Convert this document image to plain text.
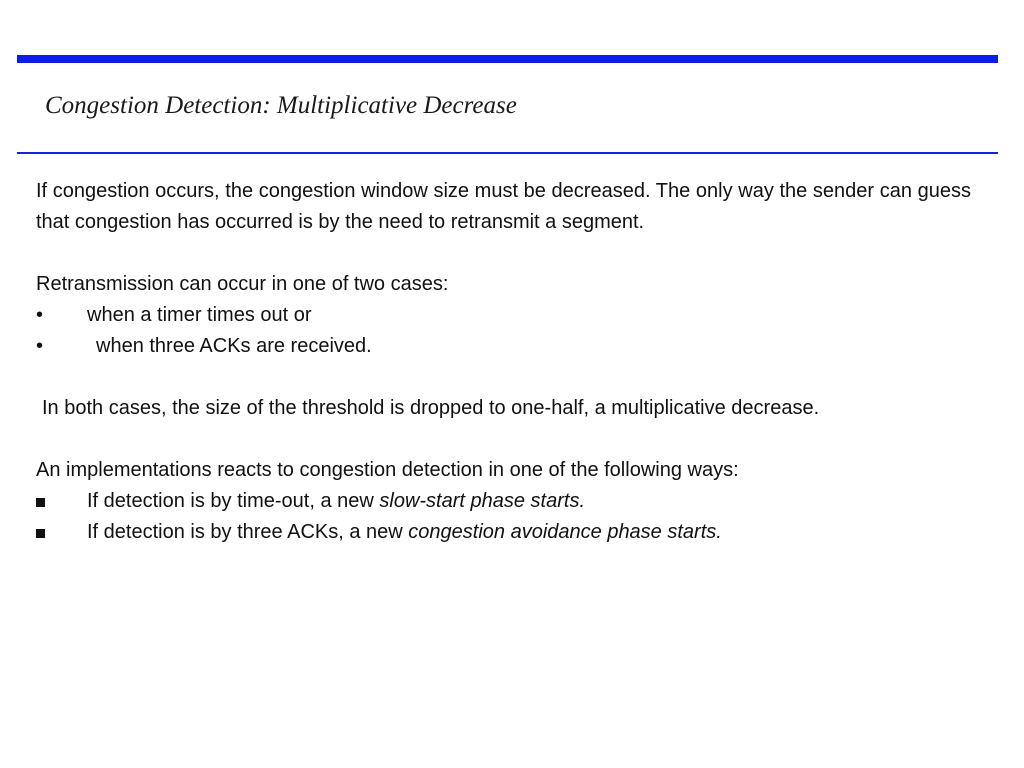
Congestion Detection: Multiplicative Decrease

If congestion occurs, the congestion window size must be decreased. The only way the sender can guess that congestion has occurred is by the need to retransmit a segment.

Retransmission can occur in one of two cases:

•	when a timer times out or
•	when three ACKs are received.

In both cases, the size of the threshold is dropped to one-half, a multiplicative decrease.

An implementations reacts to congestion detection in one of the following ways:

If detection is by time-out, a new slow-start phase starts.
If detection is by three ACKs, a new congestion avoidance phase starts.
